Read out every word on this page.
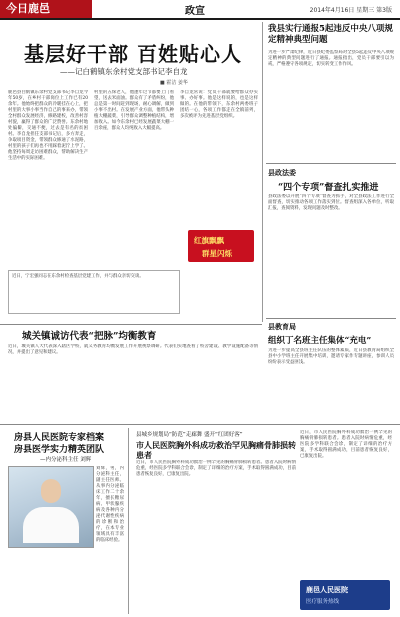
今日鹿邑	政宣	2014年4月16日 星期三 第3版
基层好干部 百姓贴心人
——记白鹤镇东余村党支部书记李自龙
■ 霍洁 姜华
鹿邑县白鹤镇东余村党支部书记李自龙今年50岁，在乡村干部岗位上工作已有20余年。他始终把群众的冷暖挂在心上，把村里的大事小事当作自己的事来办，带领全村群众发展经济，修路建校，改善村容村貌，赢得了群众的广泛赞誉。东余村地处偏僻，交通不便，过去是有名的贫困村。李自龙担任支部书记后，多方奔走，争取项目资金，带领群众修通了水泥路，村里的孩子们再也不用踩着泥泞上学了。他坚持每周走访困难群众，帮助解决生产生活中的实际困难。
村里的五保老人，他逢年过节都要上门看望，送去米面油。群众有了矛盾纠纷，他总是第一时间赶到现场，耐心调解，做到小事不出村。在发展产业方面，他带头种植大棚蔬菜，引导群众调整种植结构，增加收入。如今东余村已经发展蔬菜大棚一百余座，群众人均纯收入大幅提高。
李自龙常说：党员干部就要给群众办实事、办好事。他是这样说的，也是这样做的。在他的带领下，东余村两委班子团结一心，各项工作都走在全镇前列，多次被评为先进基层党组织。
近日，宁宏强同志在东余村检查基层党建工作，并与群众亲切交谈。
红旗飘飘
群星闪烁
我县实行通报5起违反中央八项规定精神典型问题
为进一步严肃纪律，近日县纪委监察局对全县5起违反中央八项规定精神的典型问题进行了通报。通报指出，党员干部要引以为戒，严格遵守各项规定，切实转变工作作风。
县政法委
“四个专项”督查扎实推进
县政法委以开展“四个专项”督查为抓手，对全县政法工作进行全面督查，切实推动各项工作落实到位。督查组深入各单位，听取汇报，查阅资料，发现问题及时整改。
县教育局
组织丁名班主任集体“充电”
为进一步提高全县班主任队伍的整体素质，近日县教育局组织全县中小学班主任开展集中培训，邀请专家作专题讲座，参训人员纷纷表示受益匪浅。
城关镇诚访代表“把脉”均衡教育
近日，城关镇人大代表深入辖区学校，就义务教育均衡发展工作开展视察调研。代表们实地查看了校舍建设、教学设施配备等情况，并提出了意见和建议。
房县人民医院专家档案
房县医学实力精英团队
—内分泌科主任 刘辉
刘辉，男，内分泌科主任，副主任医师。从事内分泌临床工作二十余年，擅长糖尿病、甲状腺疾病及各种内分泌代谢性疾病的诊断和治疗，在本专业领域具有丰富的临床经验。
县城乡规划局“防范”走廊舞 盛开“红团好客”
市人民医院胸外科成功救治罕见胸痛骨肺损转患者
近日，市人民医院胸外科成功救治一例罕见的胸痛骨肺损转患者。患者入院时病情危重，经医院多学科联合会诊，制定了详细的治疗方案，手术取得圆满成功，目前患者恢复良好，已康复出院。
近日，市人民医院胸外科成功救治一例罕见的胸痛骨肺损转患者。患者入院时病情危重，经医院多学科联合会诊，制定了详细的治疗方案，手术取得圆满成功，目前患者恢复良好，已康复出院。
鹿邑人民医院
医疗服务热线
